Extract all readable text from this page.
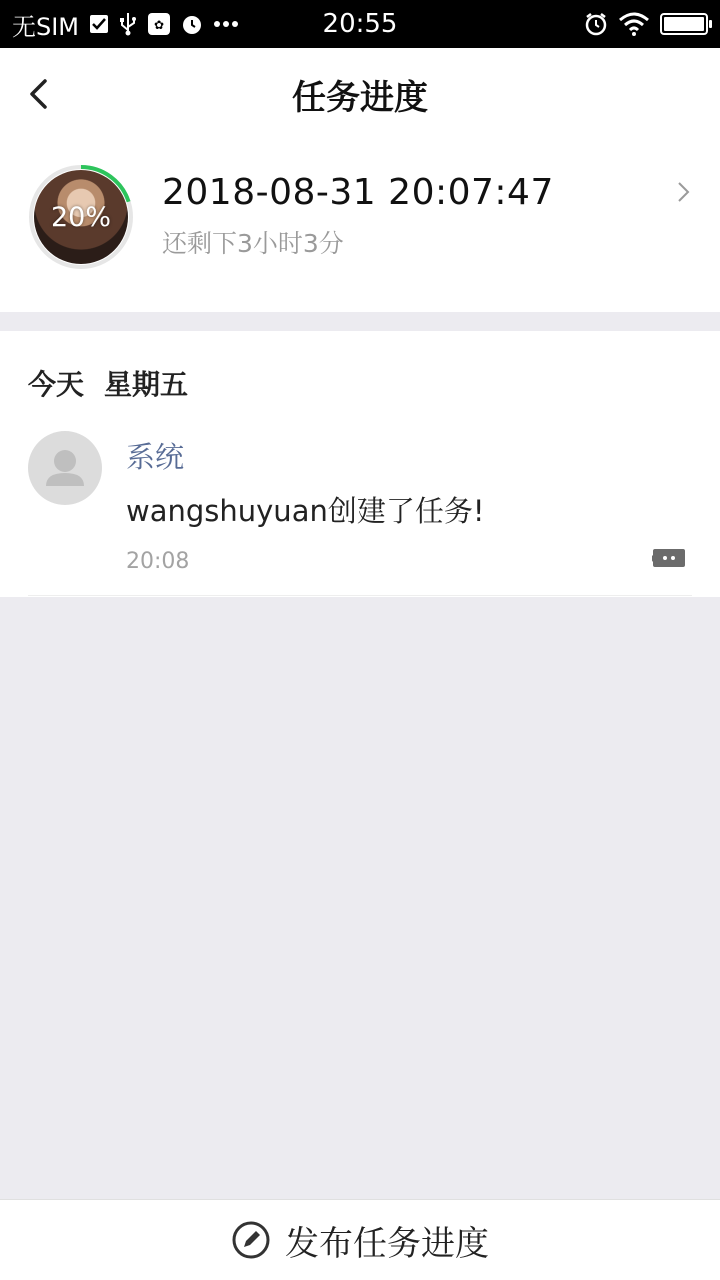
无SIM	✿	20:55
任务进度
20%
2018-08-31 20:07:47
还剩下3小时3分
今天 星期五
系统
wangshuyuan创建了任务!
20:08
发布任务进度
